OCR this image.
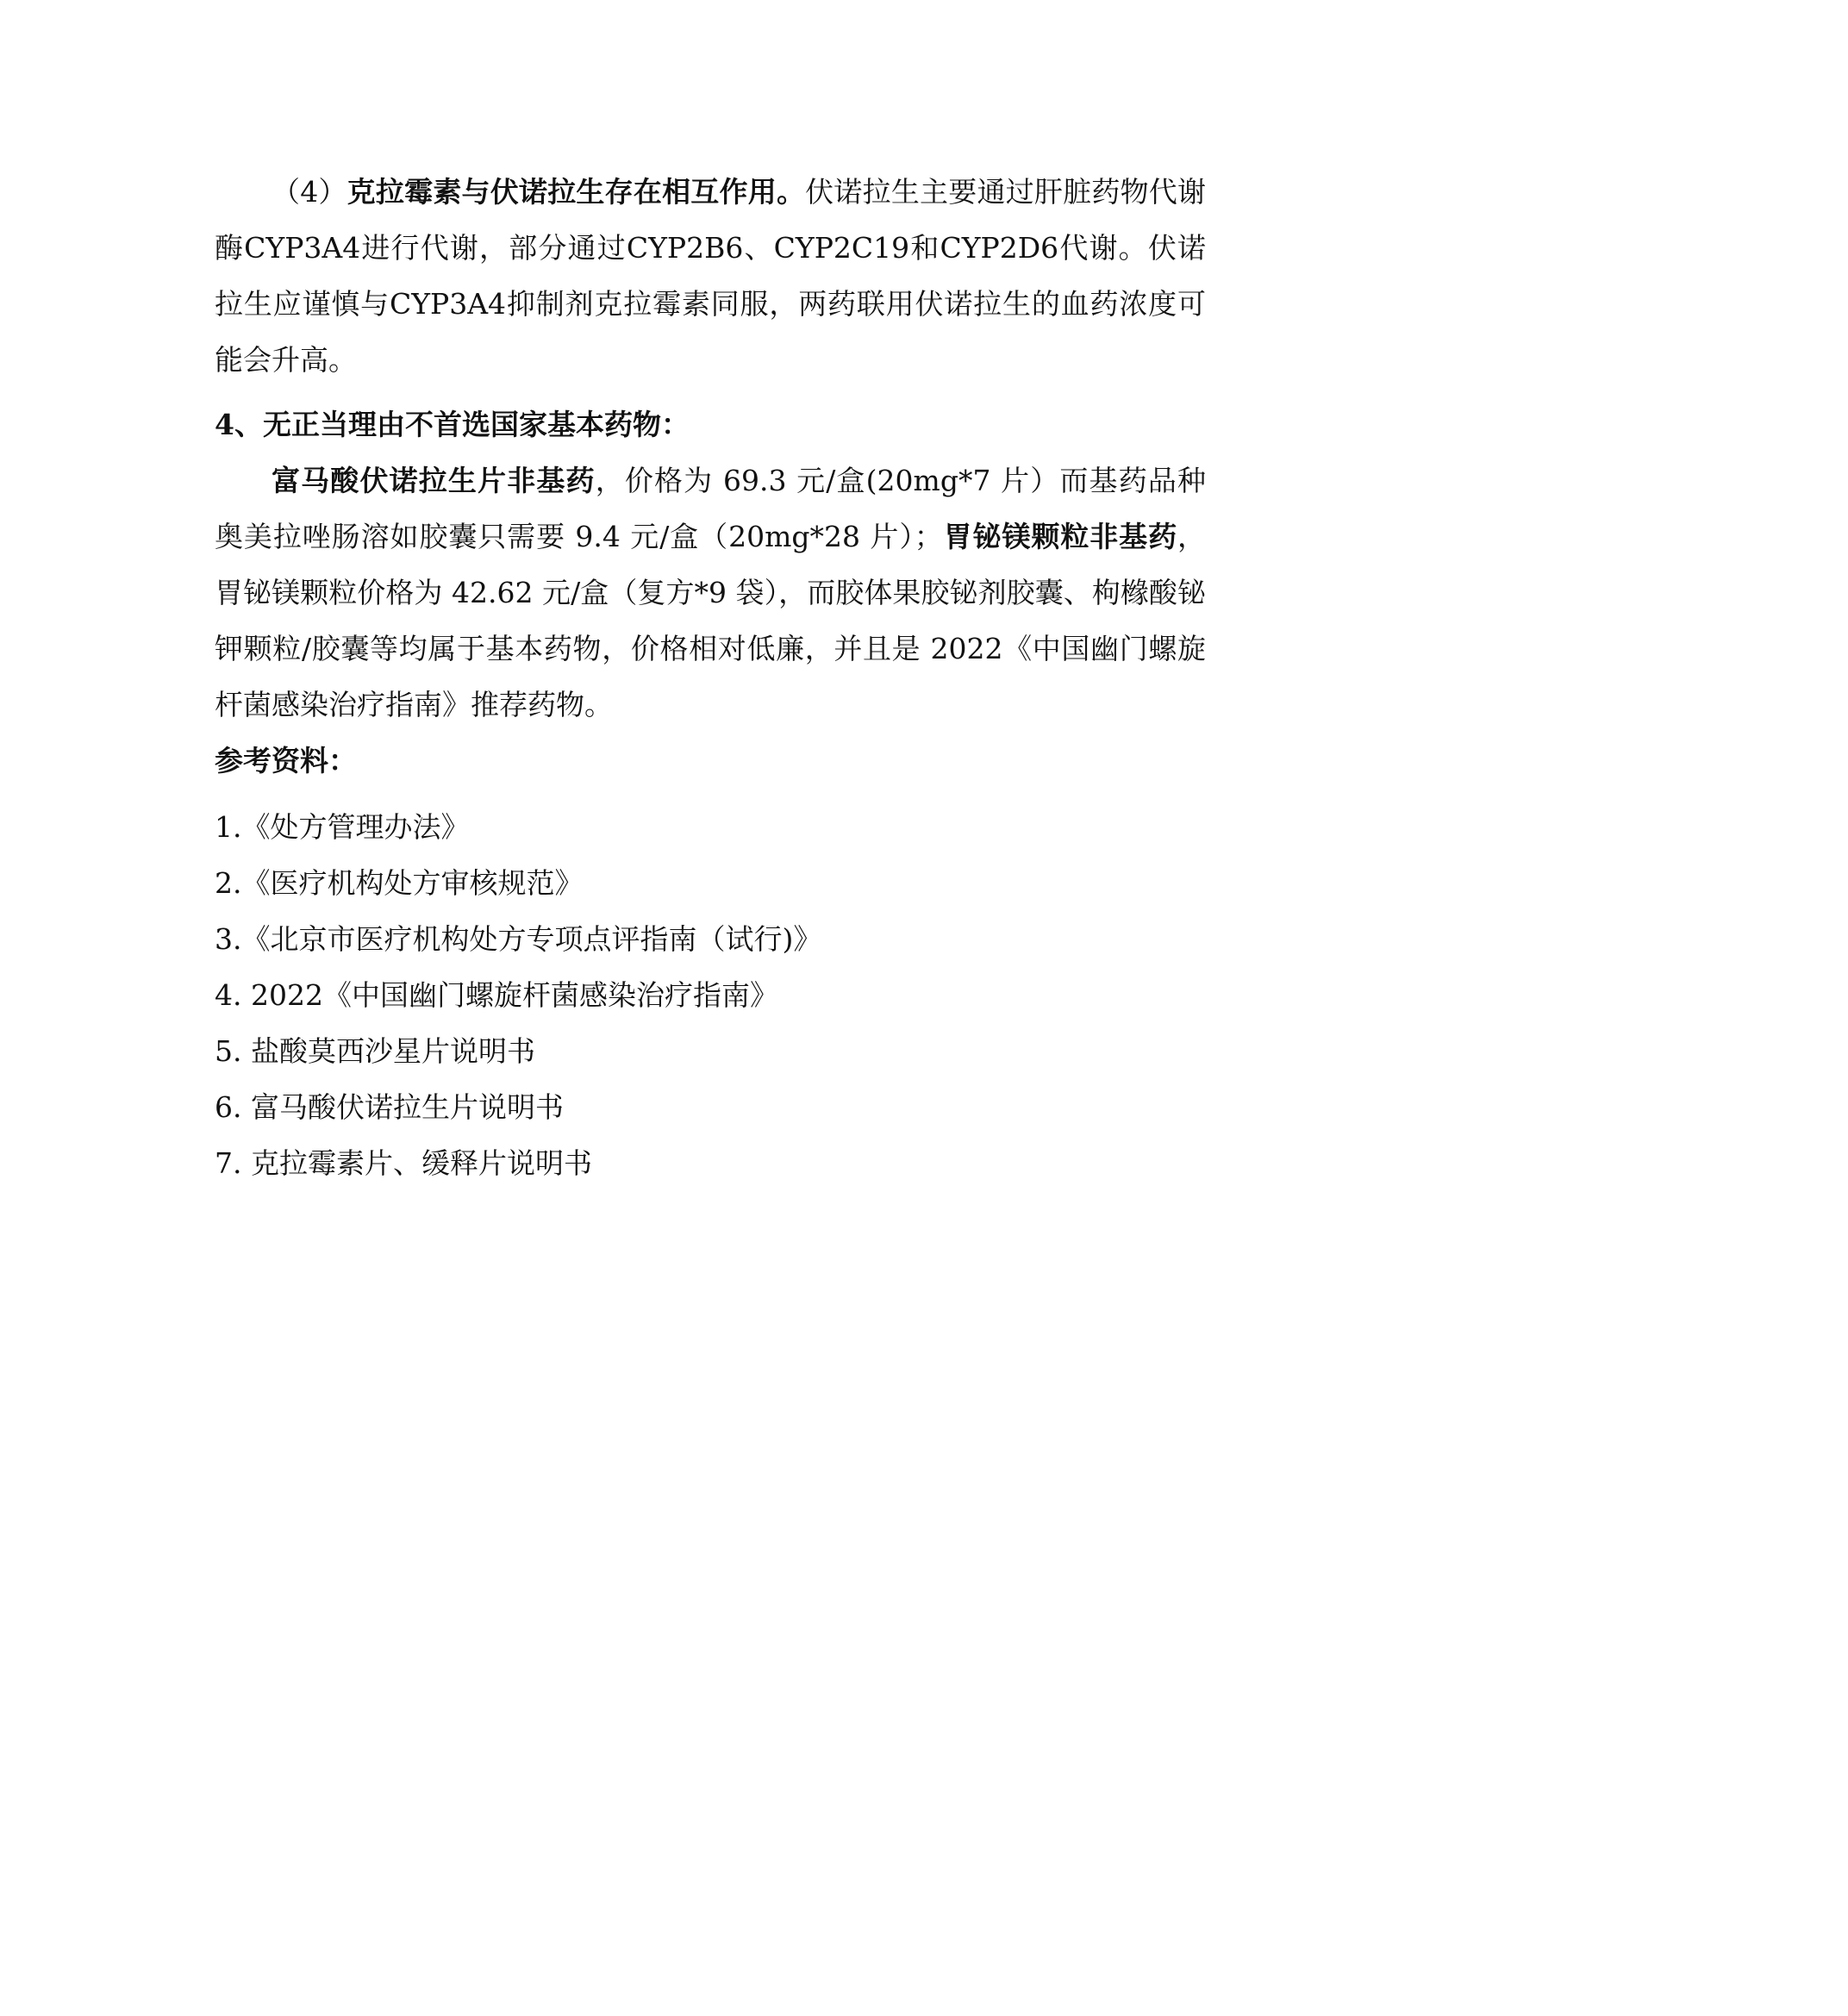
（4）克拉霉素与伏诺拉生存在相互作用。伏诺拉生主要通过肝脏药物代谢酶CYP3A4进行代谢，部分通过CYP2B6、CYP2C19和CYP2D6代谢。伏诺拉生应谨慎与CYP3A4抑制剂克拉霉素同服，两药联用伏诺拉生的血药浓度可能会升高。

4、无正当理由不首选国家基本药物：

富马酸伏诺拉生片非基药，价格为 69.3 元/盒(20mg*7 片）而基药品种奥美拉唑肠溶如胶囊只需要 9.4 元/盒（20mg*28 片）；胃铋镁颗粒非基药，胃铋镁颗粒价格为 42.62 元/盒（复方*9 袋），而胶体果胶铋剂胶囊、枸橼酸铋钾颗粒/胶囊等均属于基本药物，价格相对低廉，并且是 2022《中国幽门螺旋杆菌感染治疗指南》推荐药物。

参考资料：

1.《处方管理办法》
2.《医疗机构处方审核规范》
3.《北京市医疗机构处方专项点评指南（试行)》
4. 2022《中国幽门螺旋杆菌感染治疗指南》
5. 盐酸莫西沙星片说明书
6. 富马酸伏诺拉生片说明书
7. 克拉霉素片、缓释片说明书
